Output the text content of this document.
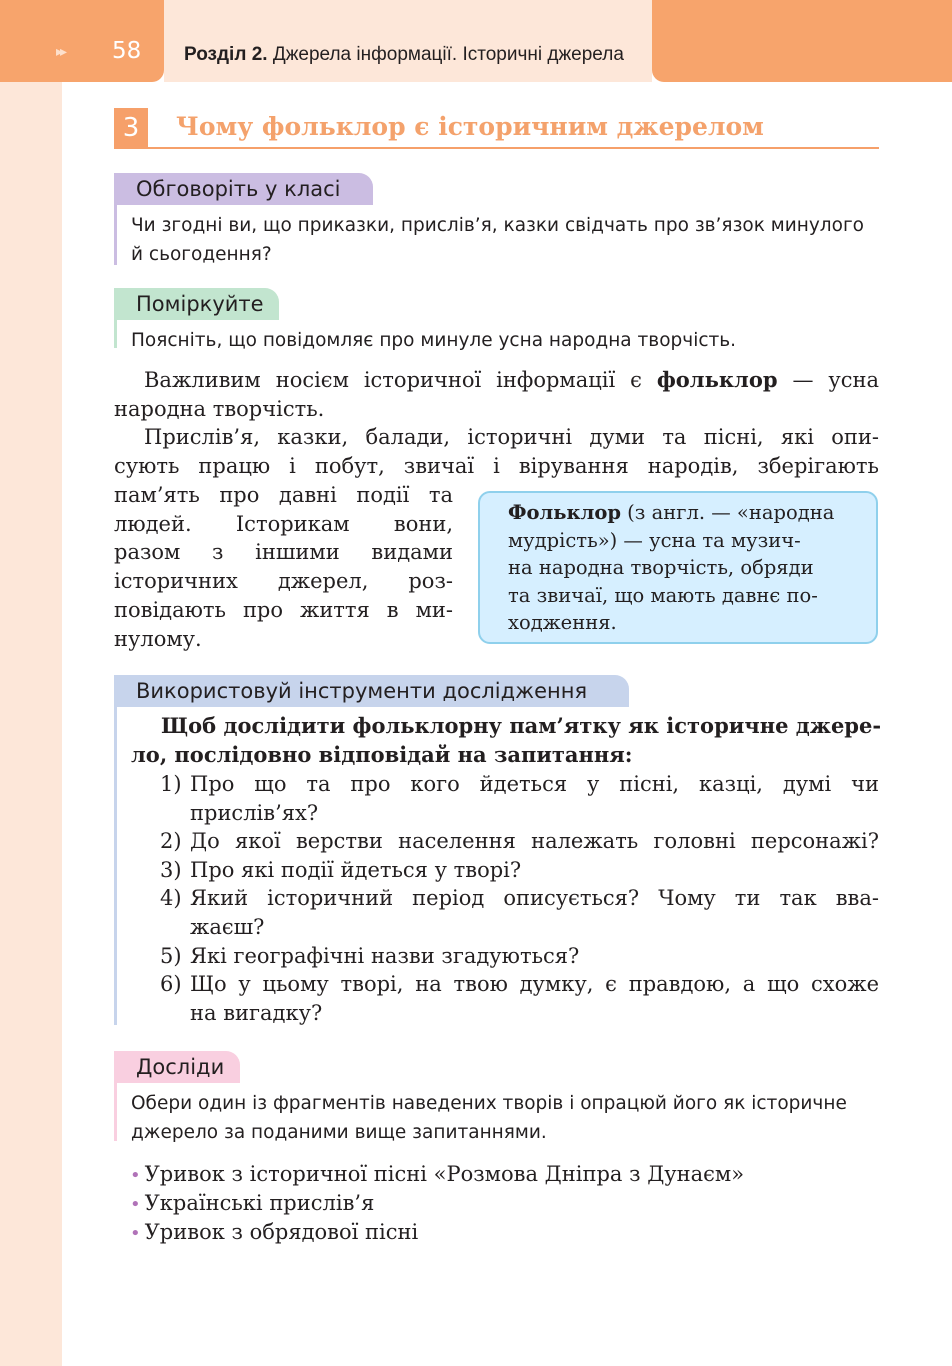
▸▸ 58 Розділ 2. Джерела інформації. Історичні джерела
3	Чому фольклор є історичним джерелом
Обговоріть у класі
Чи згодні ви, що приказки, прислів’я, казки свідчать про зв’язок минулого
й сьогодення?
Поміркуйте
Поясніть, що повідомляє про минуле усна народна творчість.
Важливим носієм історичної інформації є фольклор — усна
народна творчість.
Прислів’я, казки, балади, історичні думи та пісні, які опи-
сують працю і побут, звичаї і вірування народів, зберігають
пам’ять про давні події та
людей. Історикам вони,
разом з іншими видами
історичних джерел, роз-
повідають про життя в ми-
нулому.
Фольклор (з англ. — «народна
мудрість») — усна та музич-
на народна творчість, обряди
та звичаї, що мають давнє по-
ходження.
Використовуй інструменти дослідження
Щоб дослідити фольклорну пам’ятку як історичне джере-
ло, послідовно відповідай на запитання:
1) Про що та про кого йдеться у пісні, казці, думі чи
прислів’ях?
2) До якої верстви населення належать головні персонажі?
3) Про які події йдеться у творі?
4) Який історичний період описується? Чому ти так вва-
жаєш?
5) Які географічні назви згадуються?
6) Що у цьому творі, на твою думку, є правдою, а що схоже
на вигадку?
Досліди
Обери один із фрагментів наведених творів і опрацюй його як історичне
джерело за поданими вище запитаннями.
• Уривок з історичної пісні «Розмова Дніпра з Дунаєм»
• Українські прислів’я
• Уривок з обрядової пісні
